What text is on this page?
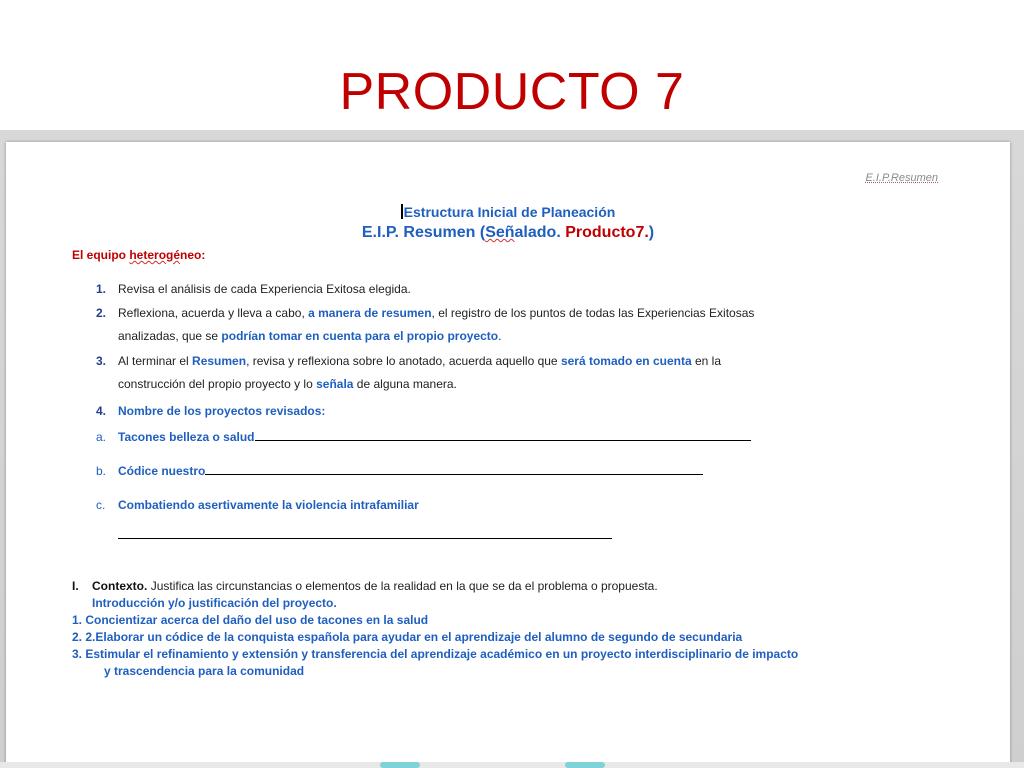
PRODUCTO 7
E.I.P.Resumen
Estructura Inicial de Planeación
E.I.P. Resumen (Señalado. Producto7.)
El equipo heterogéneo:
1. Revisa el análisis de cada Experiencia Exitosa elegida.
2. Reflexiona, acuerda y lleva a cabo, a manera de resumen, el registro de los puntos de todas las Experiencias Exitosas
analizadas, que se podrían tomar en cuenta para el propio proyecto.
3. Al terminar el Resumen, revisa y reflexiona sobre lo anotado, acuerda aquello que será tomado en cuenta en la
construcción del propio proyecto y lo señala de alguna manera.
4. Nombre de los proyectos revisados:
a. Tacones belleza o salud
b. Códice nuestro
c. Combatiendo asertivamente la violencia intrafamiliar
I. Contexto. Justifica las circunstancias o elementos de la realidad en la que se da el problema o propuesta.
Introducción y/o justificación del proyecto.
1. Concientizar acerca del daño del uso de tacones en la salud
2. 2.Elaborar un códice de la conquista española para ayudar en el aprendizaje del alumno de segundo de secundaria
3. Estimular el refinamiento y extensión y transferencia del aprendizaje académico en un proyecto interdisciplinario de impacto
y trascendencia para la comunidad
